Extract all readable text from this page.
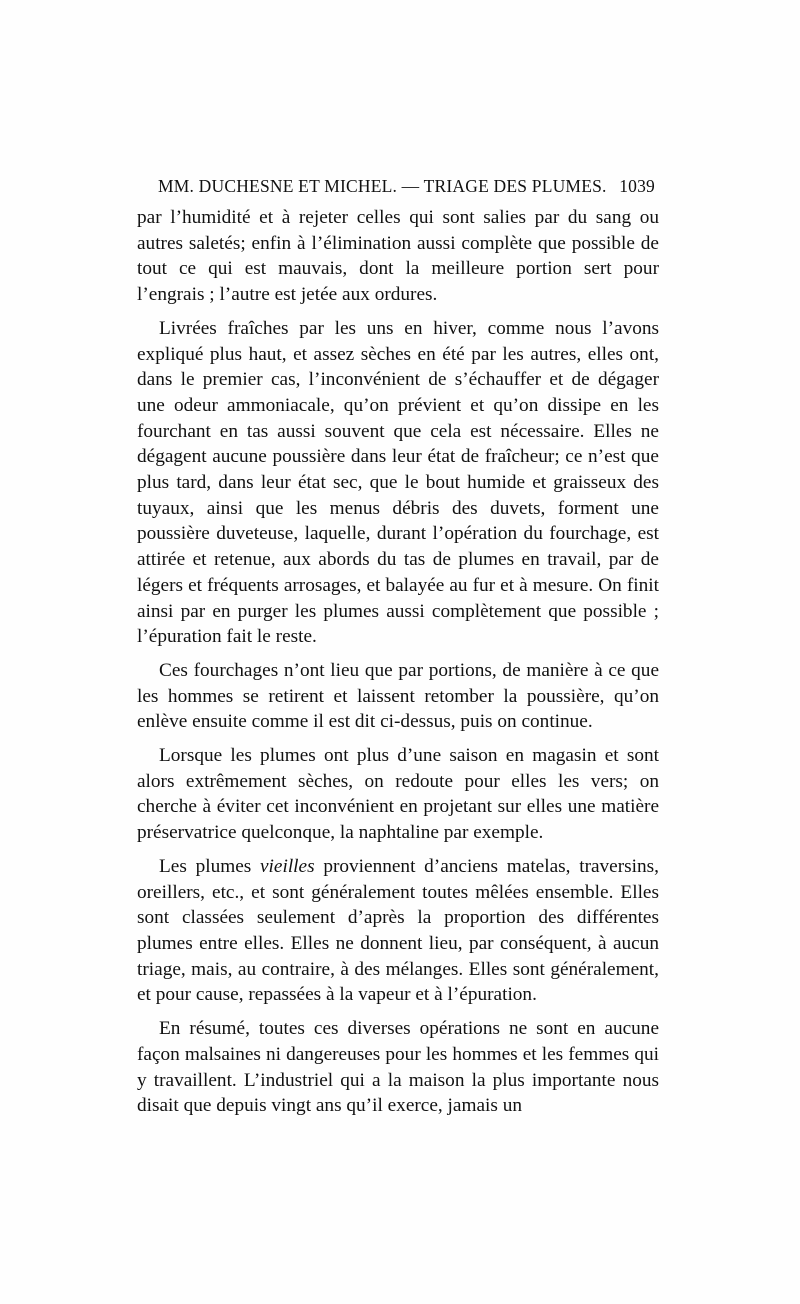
MM. DUCHESNE ET MICHEL. — TRIAGE DES PLUMES. 1039

par l’humidité et à rejeter celles qui sont salies par du sang ou autres saletés; enfin à l’élimination aussi complète que possible de tout ce qui est mauvais, dont la meilleure portion sert pour l’engrais ; l’autre est jetée aux ordures.

Livrées fraîches par les uns en hiver, comme nous l’avons expliqué plus haut, et assez sèches en été par les autres, elles ont, dans le premier cas, l’inconvénient de s’échauffer et de dégager une odeur ammoniacale, qu’on prévient et qu’on dissipe en les fourchant en tas aussi souvent que cela est nécessaire. Elles ne dégagent aucune poussière dans leur état de fraîcheur; ce n’est que plus tard, dans leur état sec, que le bout humide et graisseux des tuyaux, ainsi que les menus débris des duvets, forment une poussière duveteuse, laquelle, durant l’opération du fourchage, est attirée et retenue, aux abords du tas de plumes en travail, par de légers et fréquents arrosages, et balayée au fur et à mesure. On finit ainsi par en purger les plumes aussi complètement que possible ; l’épuration fait le reste.

Ces fourchages n’ont lieu que par portions, de manière à ce que les hommes se retirent et laissent retomber la poussière, qu’on enlève ensuite comme il est dit ci-dessus, puis on continue.

Lorsque les plumes ont plus d’une saison en magasin et sont alors extrêmement sèches, on redoute pour elles les vers; on cherche à éviter cet inconvénient en projetant sur elles une matière préservatrice quelconque, la naphtaline par exemple.

Les plumes vieilles proviennent d’anciens matelas, traversins, oreillers, etc., et sont généralement toutes mêlées ensemble. Elles sont classées seulement d’après la proportion des différentes plumes entre elles. Elles ne donnent lieu, par conséquent, à aucun triage, mais, au contraire, à des mélanges. Elles sont généralement, et pour cause, repassées à la vapeur et à l’épuration.

En résumé, toutes ces diverses opérations ne sont en aucune façon malsaines ni dangereuses pour les hommes et les femmes qui y travaillent. L’industriel qui a la maison la plus importante nous disait que depuis vingt ans qu’il exerce, jamais un
